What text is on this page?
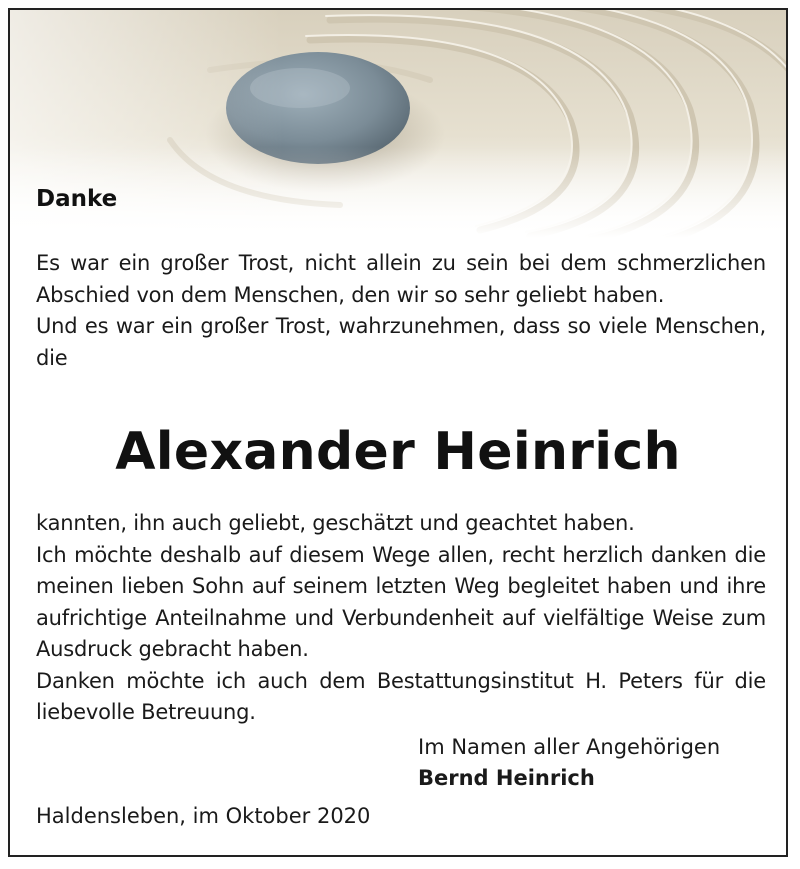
Danke

Es war ein großer Trost, nicht allein zu sein bei dem schmerzlichen Abschied von dem Menschen, den wir so sehr geliebt haben.

Und es war ein großer Trost, wahrzunehmen, dass so viele Menschen, die

Alexander Heinrich

kannten, ihn auch geliebt, geschätzt und geachtet haben.

Ich möchte deshalb auf diesem Wege allen, recht herzlich danken die meinen lieben Sohn auf seinem letzten Weg begleitet haben und ihre aufrichtige Anteilnahme und Verbundenheit auf vielfältige Weise zum Ausdruck gebracht haben.

Danken möchte ich auch dem Bestattungsinstitut H. Peters für die liebevolle Betreuung.

Im Namen aller Angehörigen
Bernd Heinrich
Haldensleben, im Oktober 2020
